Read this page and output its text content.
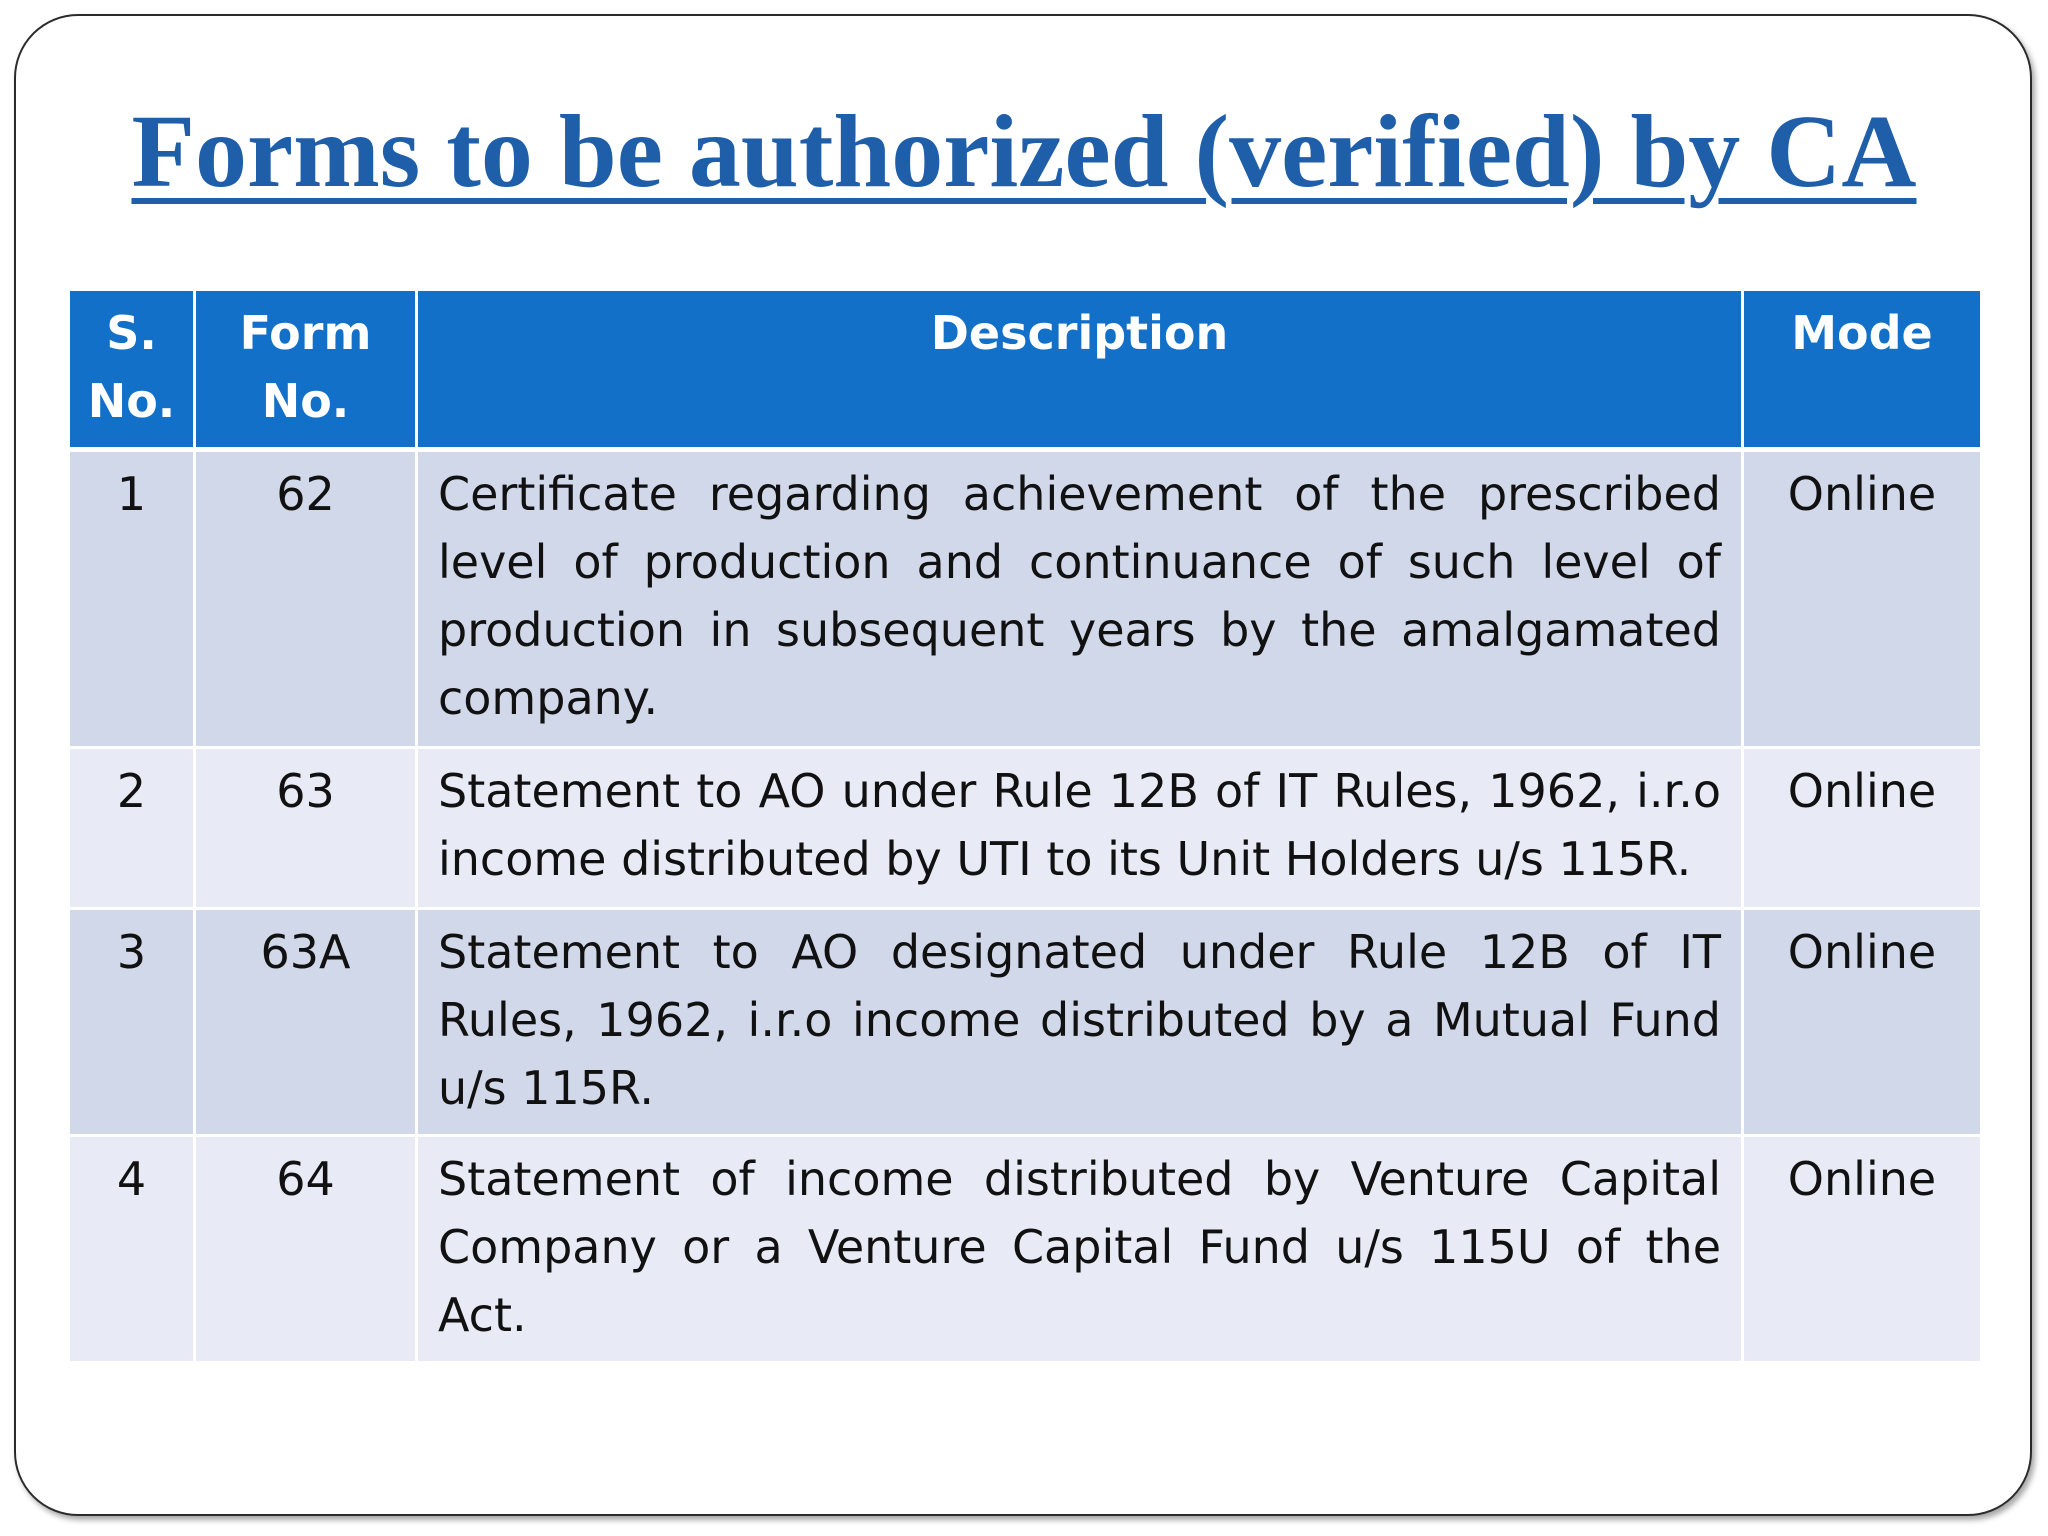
Forms to be authorized (verified) by CA
S. No.	Form No.	Description	Mode
1	62	Certificate regarding achievement of the prescribed level of production and continuance of such level of production in subsequent years by the amalgamated company.	Online
2	63	Statement to AO under Rule 12B of IT Rules, 1962, i.r.o income distributed by UTI to its Unit Holders u/s 115R.	Online
3	63A	Statement to AO designated under Rule 12B of IT Rules, 1962, i.r.o income distributed by a Mutual Fund u/s 115R.	Online
4	64	Statement of income distributed by Venture Capital Company or a Venture Capital Fund u/s 115U of the Act.	Online
